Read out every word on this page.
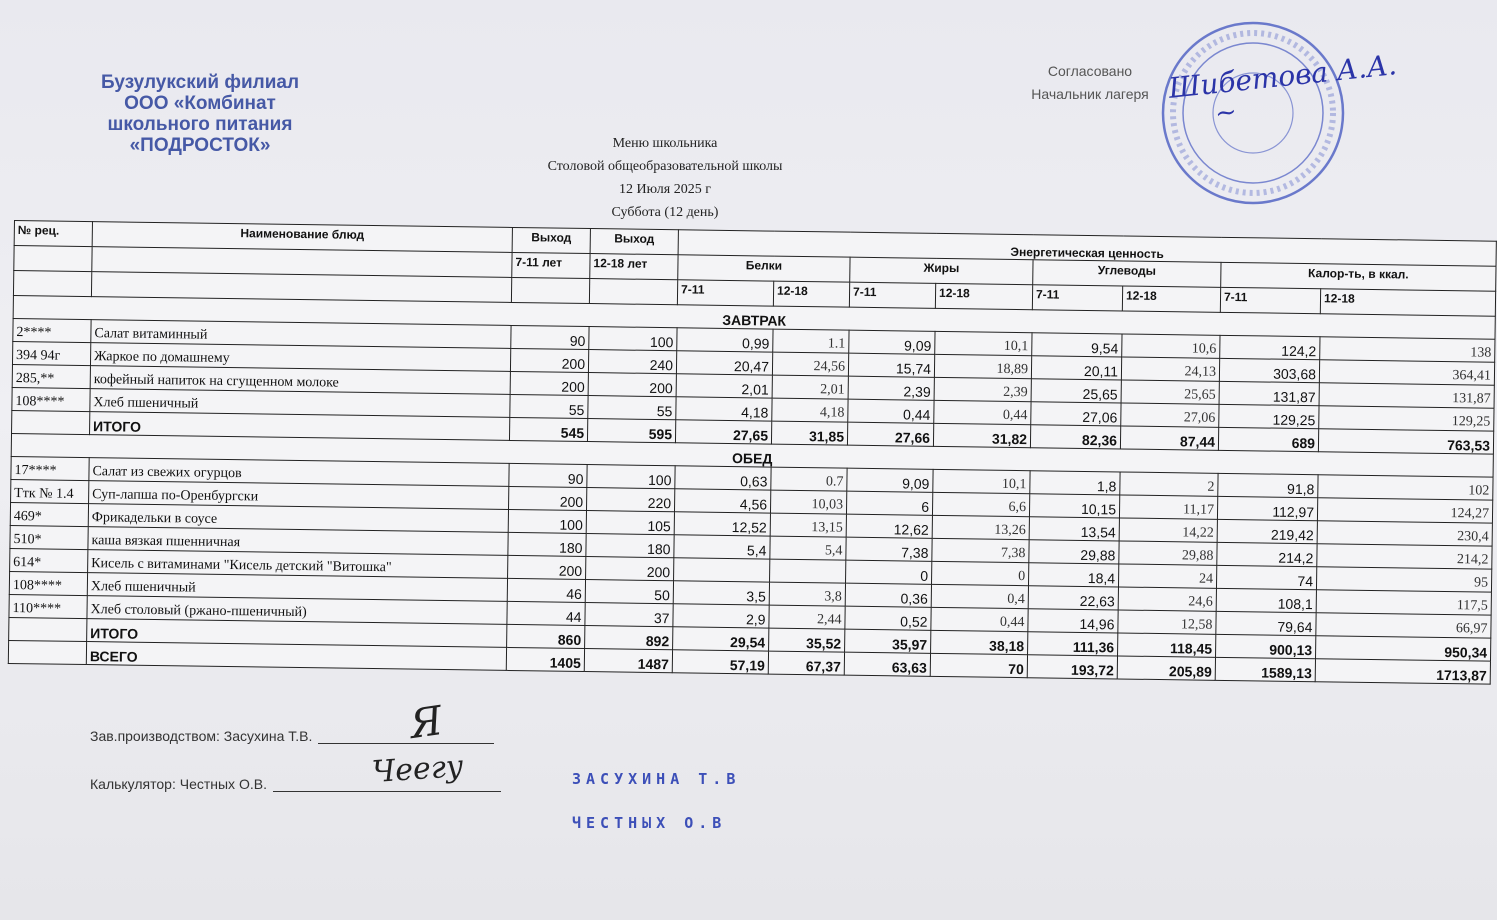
Бузулукский филиал
ООО «Комбинат
школьного питания
«ПОДРОСТОК»
Согласовано
Начальник лагеря Шибетова А.А.
~
Меню школьника
Столовой общеобразовательной школы
12 Июля 2025 г
Суббота (12 день)
№ рец.	Наименование блюд	Выход	Выход	Энергетическая ценность							
		7-11 лет	12-18 лет	Белки		Жиры		Углеводы		Калор-ть, в ккал.	
				7-11	12-18	7-11	12-18	7-11	12-18	7-11	12-18
ЗАВТРАК											
2****	Салат витаминный	90	100	0,99	1.1	9,09	10,1	9,54	10,6	124,2	138
394 94г	Жаркое по домашнему	200	240	20,47	24,56	15,74	18,89	20,11	24,13	303,68	364,41
285,**	кофейный напиток на сгущенном молоке	200	200	2,01	2,01	2,39	2,39	25,65	25,65	131,87	131,87
108****	Хлеб пшеничный	55	55	4,18	4,18	0,44	0,44	27,06	27,06	129,25	129,25
	ИТОГО	545	595	27,65	31,85	27,66	31,82	82,36	87,44	689	763,53
ОБЕД											
17****	Салат из свежих огурцов	90	100	0,63	0.7	9,09	10,1	1,8	2	91,8	102
Ттк № 1.4	Суп-лапша по-Оренбургски	200	220	4,56	10,03	6	6,6	10,15	11,17	112,97	124,27
469*	Фрикадельки в соусе	100	105	12,52	13,15	12,62	13,26	13,54	14,22	219,42	230,4
510*	каша вязкая пшенничная	180	180	5,4	5,4	7,38	7,38	29,88	29,88	214,2	214,2
614*	Кисель с витаминами "Кисель детский "Витошка"	200	200			0	0	18,4	24	74	95
108****	Хлеб пшеничный	46	50	3,5	3,8	0,36	0,4	22,63	24,6	108,1	117,5
110****	Хлеб столовый (ржано-пшеничный)	44	37	2,9	2,44	0,52	0,44	14,96	12,58	79,64	66,97
	ИТОГО	860	892	29,54	35,52	35,97	38,18	111,36	118,45	900,13	950,34
	ВСЕГО	1405	1487	57,19	67,37	63,63	70	193,72	205,89	1589,13	1713,87
Зав.производством: Засухина Т.В.
Калькулятор: Честных О.В.
Я
Чеегу	ЗАСУХИНА Т.В
ЧЕСТНЫХ О.В
